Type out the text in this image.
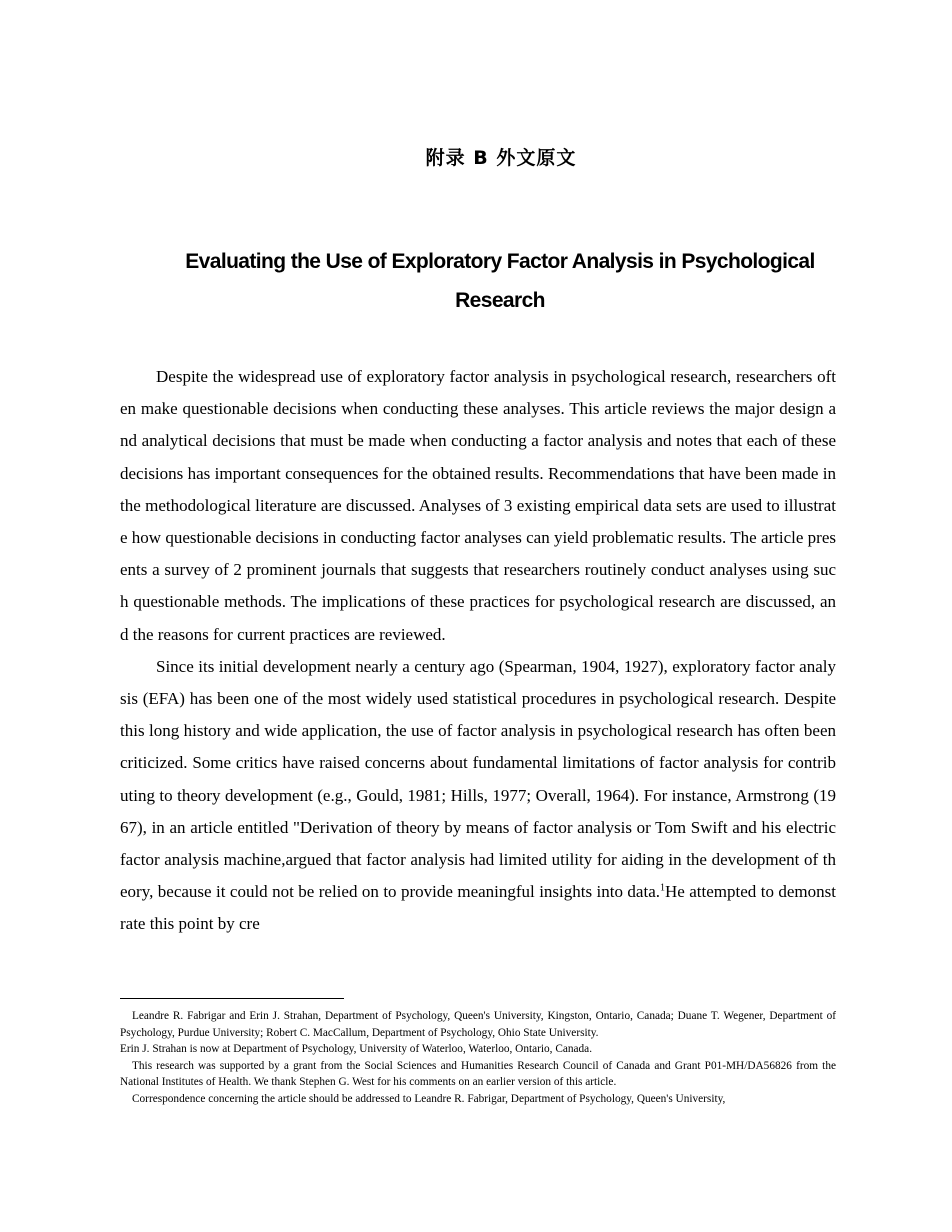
附录 B 外文原文
Evaluating the Use of Exploratory Factor Analysis in Psychological Research

Despite the widespread use of exploratory factor analysis in psychological research, researchers often make questionable decisions when conducting these analyses. This article reviews the major design and analytical decisions that must be made when conducting a factor analysis and notes that each of these decisions has important consequences for the obtained results. Recommendations that have been made in the methodological literature are discussed. Analyses of 3 existing empirical data sets are used to illustrate how questionable decisions in conducting factor analyses can yield problematic results. The article presents a survey of 2 prominent journals that suggests that researchers routinely conduct analyses using such questionable methods. The implications of these practices for psychological research are discussed, and the reasons for current practices are reviewed.

Since its initial development nearly a century ago (Spearman, 1904, 1927), exploratory factor analysis (EFA) has been one of the most widely used statistical procedures in psychological research. Despite this long history and wide application, the use of factor analysis in psychological research has often been criticized. Some critics have raised concerns about fundamental limitations of factor analysis for contributing to theory development (e.g., Gould, 1981; Hills, 1977; Overall, 1964). For instance, Armstrong (1967), in an article entitled "Derivation of theory by means of factor analysis or Tom Swift and his electric factor analysis machine,argued that factor analysis had limited utility for aiding in the development of theory, because it could not be relied on to provide meaningful insights into data.$^1$He attempted to demonstrate this point by cre

Leandre R. Fabrigar and Erin J. Strahan, Department of Psychology, Queen's University, Kingston, Ontario, Canada; Duane T. Wegener, Department of Psychology, Purdue University; Robert C. MacCallum, Department of Psychology, Ohio State University.

Erin J. Strahan is now at Department of Psychology, University of Waterloo, Waterloo, Ontario, Canada.

This research was supported by a grant from the Social Sciences and Humanities Research Council of Canada and Grant P01-MH/DA56826 from the National Institutes of Health. We thank Stephen G. West for his comments on an earlier version of this article.

Correspondence concerning the article should be addressed to Leandre R. Fabrigar, Department of Psychology, Queen's University,
